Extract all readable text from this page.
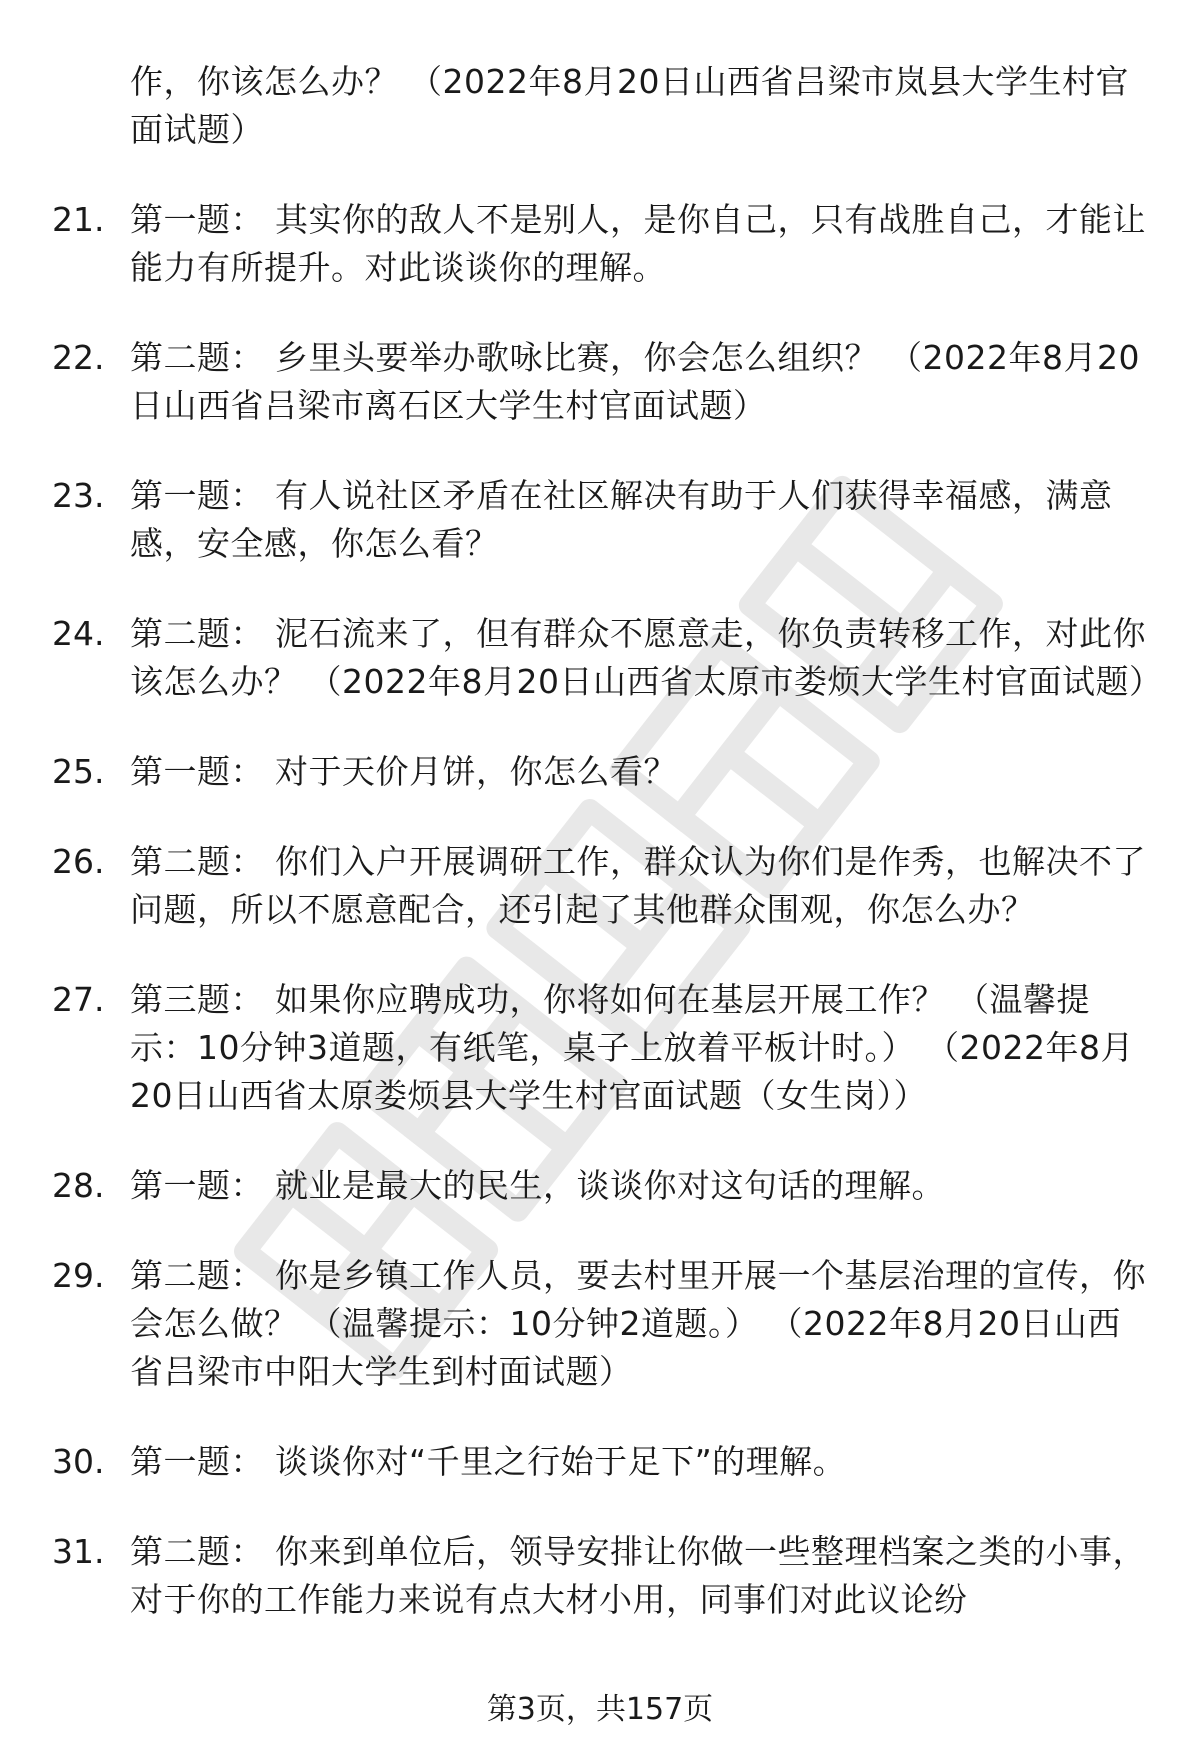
作，你该怎么办？ （2022年8月20日山西省吕梁市岚县大学生村官面试题）
21. 第一题： 其实你的敌人不是别人，是你自己，只有战胜自己，才能让能力有所提升。对此谈谈你的理解。
22. 第二题： 乡里头要举办歌咏比赛，你会怎么组织？ （2022年8月20日山西省吕梁市离石区大学生村官面试题）
23. 第一题： 有人说社区矛盾在社区解决有助于人们获得幸福感，满意感，安全感，你怎么看？
24. 第二题： 泥石流来了，但有群众不愿意走，你负责转移工作，对此你该怎么办？ （2022年8月20日山西省太原市娄烦大学生村官面试题）
25. 第一题： 对于天价月饼，你怎么看？
26. 第二题： 你们入户开展调研工作，群众认为你们是作秀，也解决不了问题，所以不愿意配合，还引起了其他群众围观，你怎么办？
27. 第三题： 如果你应聘成功，你将如何在基层开展工作？ （温馨提示：10分钟3道题，有纸笔，桌子上放着平板计时。） （2022年8月20日山西省太原娄烦县大学生村官面试题（女生岗））
28. 第一题： 就业是最大的民生，谈谈你对这句话的理解。
29. 第二题： 你是乡镇工作人员，要去村里开展一个基层治理的宣传，你会怎么做？ （温馨提示：10分钟2道题。） （2022年8月20日山西省吕梁市中阳大学生到村面试题）
30. 第一题： 谈谈你对“千里之行始于足下”的理解。
31. 第二题： 你来到单位后，领导安排让你做一些整理档案之类的小事，对于你的工作能力来说有点大材小用，同事们对此议论纷
第3页，共157页
